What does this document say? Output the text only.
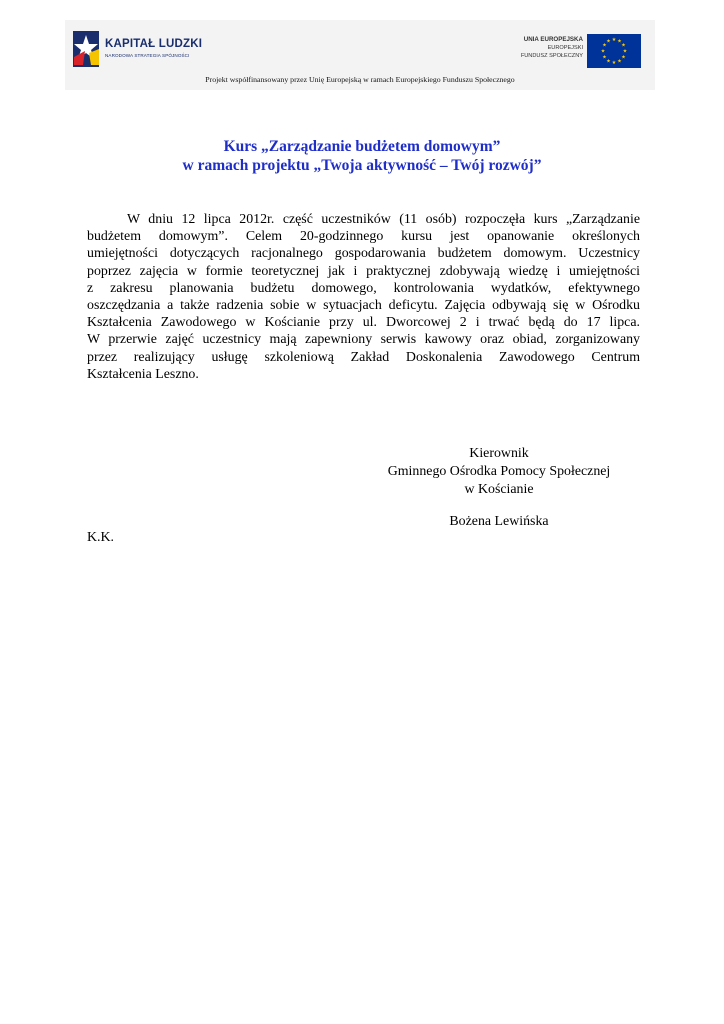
KAPITAŁ LUDZKI
NARODOWA STRATEGIA SPÓJNOŚCI
UNIA EUROPEJSKA
EUROPEJSKI
FUNDUSZ SPOŁECZNY
★ ★
★
★
★
★
★
★
★
★
★
★
Projekt współfinansowany przez Unię Europejską w ramach Europejskiego Funduszu Społecznego
Kurs „Zarządzanie budżetem domowym”
w ramach projektu „Twoja aktywność – Twój rozwój”
W dniu 12 lipca 2012r. część uczestników (11 osób) rozpoczęła kurs „Zarządzanie
budżetem domowym”. Celem 20-godzinnego kursu jest opanowanie określonych
umiejętności dotyczących racjonalnego gospodarowania budżetem domowym. Uczestnicy
poprzez zajęcia w formie teoretycznej jak i praktycznej zdobywają wiedzę i umiejętności
z zakresu planowania budżetu domowego, kontrolowania wydatków, efektywnego
oszczędzania a także radzenia sobie w sytuacjach deficytu. Zajęcia odbywają się w Ośrodku
Kształcenia Zawodowego w Kościanie przy ul. Dworcowej 2 i trwać będą do 17 lipca.
W przerwie zajęć uczestnicy mają zapewniony serwis kawowy oraz obiad, zorganizowany
przez realizujący usługę szkoleniową Zakład Doskonalenia Zawodowego Centrum
Kształcenia Leszno.
Kierownik
Gminnego Ośrodka Pomocy Społecznej
w Kościanie
Bożena Lewińska
K.K.
